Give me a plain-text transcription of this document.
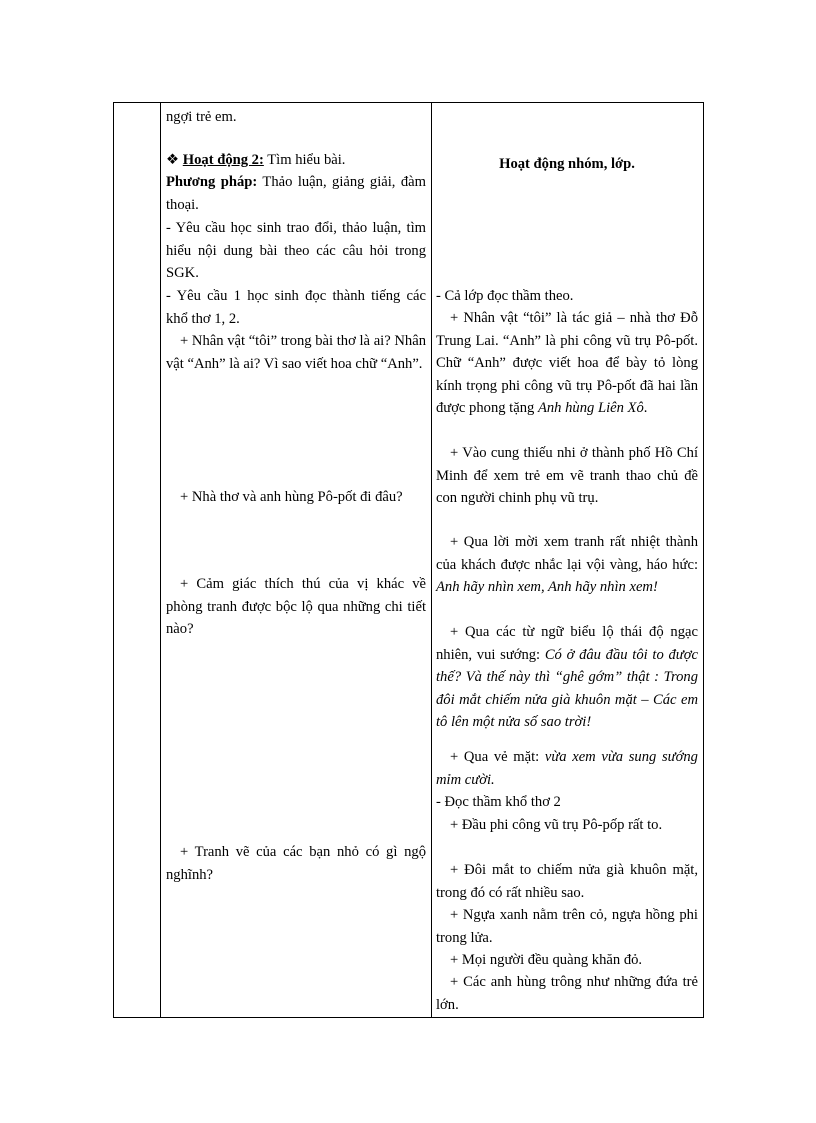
ngợi trẻ em.

❖ Hoạt động 2: Tìm hiểu bài.

Phương pháp: Thảo luận, giảng giải, đàm thoại.

- Yêu cầu học sinh trao đổi, thảo luận, tìm hiểu nội dung bài theo các câu hỏi trong SGK.

- Yêu cầu 1 học sinh đọc thành tiếng các khổ thơ 1, 2.

+ Nhân vật “tôi” trong bài thơ là ai? Nhân vật “Anh” là ai? Vì sao viết hoa chữ “Anh”.

+ Nhà thơ và anh hùng Pô-pốt đi đâu?

+ Cảm giác thích thú của vị khác về phòng tranh được bộc lộ qua những chi tiết nào?

+ Tranh vẽ của các bạn nhỏ có gì ngộ nghĩnh?

Hoạt động nhóm, lớp.

- Cả lớp đọc thầm theo.

+ Nhân vật “tôi” là tác giả – nhà thơ Đỗ Trung Lai. “Anh” là phi công vũ trụ Pô-pốt. Chữ “Anh” được viết hoa để bày tỏ lòng kính trọng phi công vũ trụ Pô-pốt đã hai lần được phong tặng Anh hùng Liên Xô.

+ Vào cung thiếu nhi ở thành phố Hồ Chí Minh để xem trẻ em vẽ tranh thao chủ đề con người chinh phụ vũ trụ.

+ Qua lời mời xem tranh rất nhiệt thành của khách được nhắc lại vội vàng, háo hức: Anh hãy nhìn xem, Anh hãy nhìn xem!

+ Qua các từ ngữ biểu lộ thái độ ngạc nhiên, vui sướng: Có ở đâu đầu tôi to được thế? Và thế này thì “ghê gớm” thật : Trong đôi mắt chiếm nửa già khuôn mặt – Các em tô lên một nửa số sao trời!

+ Qua vẻ mặt: vừa xem vừa sung sướng mỉm cười.

- Đọc thầm khổ thơ 2

+ Đầu phi công vũ trụ Pô-pốp rất to.

+ Đôi mắt to chiếm nửa già khuôn mặt, trong đó có rất nhiều sao.

+ Ngựa xanh nằm trên cỏ, ngựa hồng phi trong lửa.

+ Mọi người đều quàng khăn đỏ.

+ Các anh hùng trông như những đứa trẻ lớn.
